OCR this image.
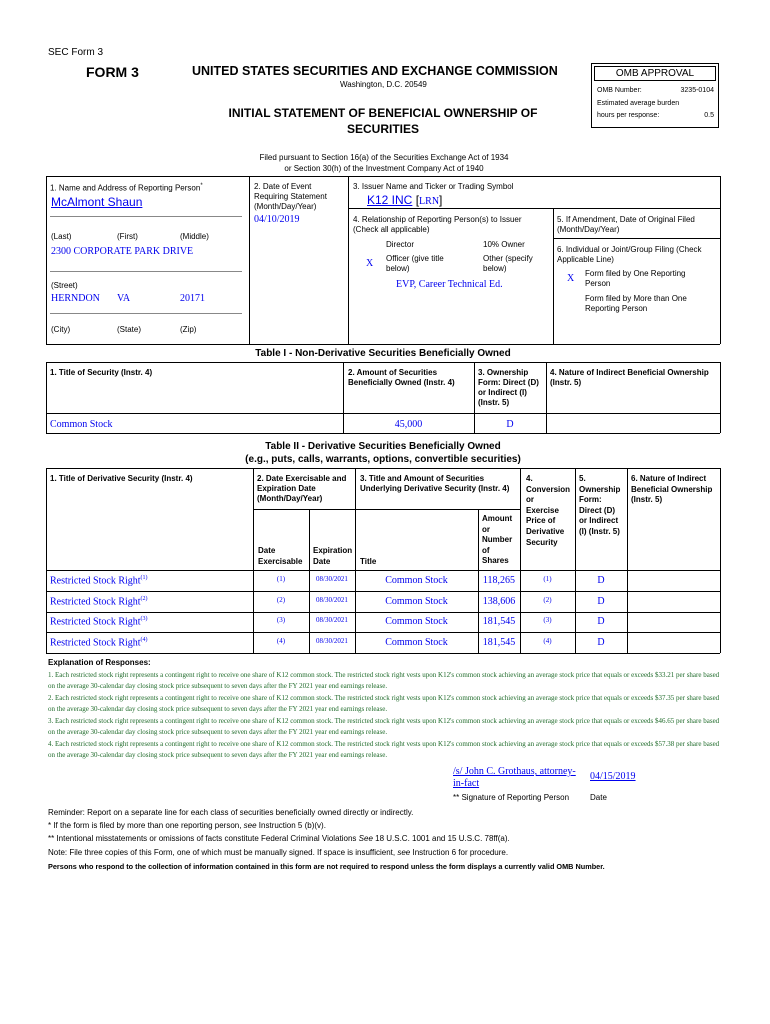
SEC Form 3
FORM 3	UNITED STATES SECURITIES AND EXCHANGE COMMISSION
Washington, D.C. 20549
INITIAL STATEMENT OF BENEFICIAL OWNERSHIP OF
SECURITIES
Filed pursuant to Section 16(a) of the Securities Exchange Act of 1934
or Section 30(h) of the Investment Company Act of 1940
OMB APPROVAL
OMB Number:	3235-0104
Estimated average burden
hours per response:	0.5
1. Name and Address of Reporting Person*
McAlmont Shaun
(Last)	(First)	(Middle)
2300 CORPORATE PARK DRIVE
(Street)
HERNDON VA	20171
(City)	(State)	(Zip)
2. Date of Event
Requiring Statement
(Month/Day/Year)
04/10/2019
3. Issuer Name and Ticker or Trading Symbol
K12 INC [LRN]
4. Relationship of Reporting Person(s) to Issuer
(Check all applicable)
Director	10% Owner
X Officer (give title
below)
Other (specify
below)
EVP, Career Technical Ed.
5. If Amendment, Date of Original Filed
(Month/Day/Year)
6. Individual or Joint/Group Filing (Check
Applicable Line)
X Form filed by One Reporting
Person
Form filed by More than One
Reporting Person
Table I - Non-Derivative Securities Beneficially Owned
1. Title of Security (Instr. 4)	2. Amount of Securities
Beneficially Owned (Instr. 4)
3. Ownership
Form: Direct (D)
or Indirect (I)
(Instr. 5)
4. Nature of Indirect Beneficial Ownership
(Instr. 5)
Common Stock	45,000	D
Table II - Derivative Securities Beneficially Owned
(e.g., puts, calls, warrants, options, convertible securities)
1. Title of Derivative Security (Instr. 4)	2. Date Exercisable and
Expiration Date
(Month/Day/Year)
3. Title and Amount of Securities
Underlying Derivative Security (Instr. 4)
4.
Conversion
or
Exercise
Price of
Derivative
Security
5.
Ownership
Form:
Direct (D)
or Indirect
(I) (Instr. 5)
6. Nature of Indirect
Beneficial Ownership
(Instr. 5)
Date
Exercisable
Expiration
Date	Title
Amount
or
Number
of
Shares
Restricted Stock Right$^{(1)}$	(1)	08/30/2021	Common Stock	118,265	(1)	D
Restricted Stock Right$^{(2)}$	(2)	08/30/2021	Common Stock	138,606	(2)	D
Restricted Stock Right$^{(3)}$	(3)	08/30/2021	Common Stock	181,545	(3)	D
Restricted Stock Right$^{(4)}$	(4)	08/30/2021	Common Stock	181,545	(4)	D
Explanation of Responses:
1. Each restricted stock right represents a contingent right to receive one share of K12 common stock. The restricted stock right vests upon K12's common stock achieving an average stock price that equals or exceeds $33.21 per share based on the average 30-calendar day closing stock price subsequent to seven days after the FY 2021 year end earnings release.
2. Each restricted stock right represents a contingent right to receive one share of K12 common stock. The restricted stock right vests upon K12's common stock achieving an average stock price that equals or exceeds $37.35 per share based on the average 30-calendar day closing stock price subsequent to seven days after the FY 2021 year end earnings release.
3. Each restricted stock right represents a contingent right to receive one share of K12 common stock. The restricted stock right vests upon K12's common stock achieving an average stock price that equals or exceeds $46.65 per share based on the average 30-calendar day closing stock price subsequent to seven days after the FY 2021 year end earnings release.
4. Each restricted stock right represents a contingent right to receive one share of K12 common stock. The restricted stock right vests upon K12's common stock achieving an average stock price that equals or exceeds $57.38 per share based on the average 30-calendar day closing stock price subsequent to seven days after the FY 2021 year end earnings release.
/s/ John C. Grothaus, attorney-
in-fact
04/15/2019
** Signature of Reporting Person	Date
Reminder: Report on a separate line for each class of securities beneficially owned directly or indirectly.
* If the form is filed by more than one reporting person, see Instruction 5 (b)(v).
** Intentional misstatements or omissions of facts constitute Federal Criminal Violations See 18 U.S.C. 1001 and 15 U.S.C. 78ff(a).
Note: File three copies of this Form, one of which must be manually signed. If space is insufficient, see Instruction 6 for procedure.
Persons who respond to the collection of information contained in this form are not required to respond unless the form displays a currently valid OMB Number.
